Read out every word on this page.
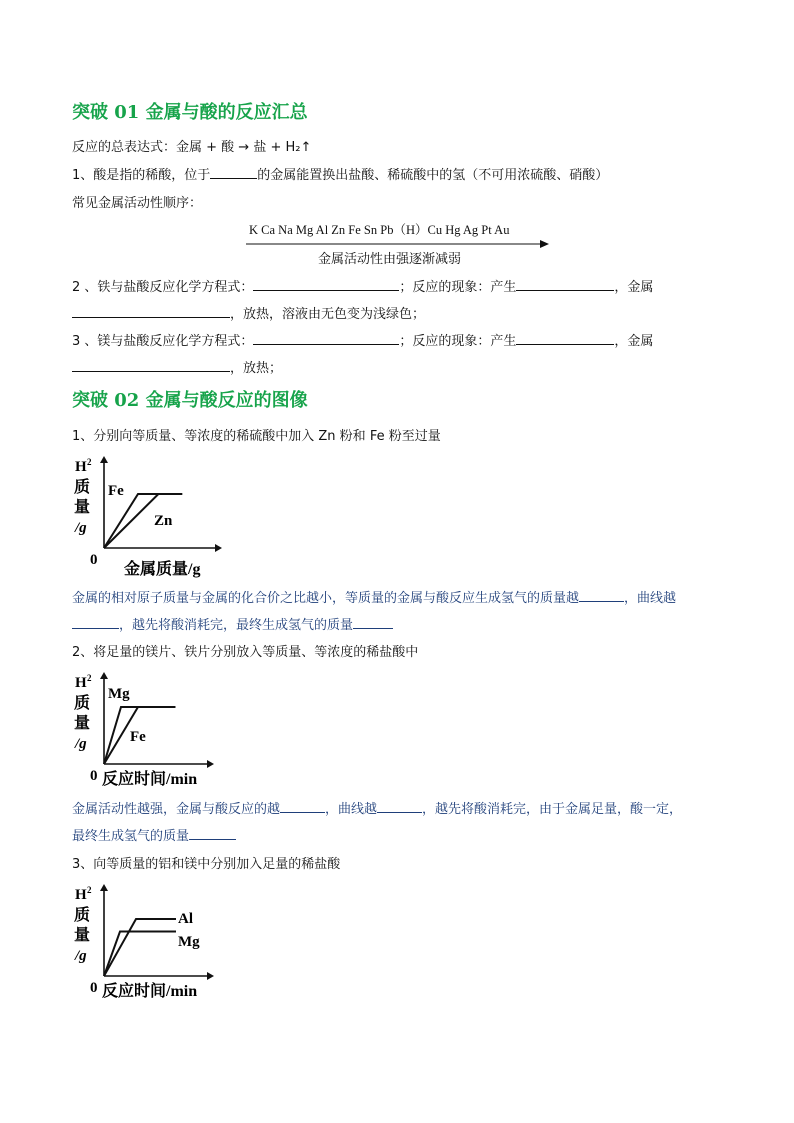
突破 01 金属与酸的反应汇总
反应的总表达式：金属 + 酸 → 盐 + H₂↑
1、酸是指的稀酸，位于	的金属能置换出盐酸、稀硫酸中的氢（不可用浓硫酸、硝酸）
常见金属活动性顺序：
K Ca Na Mg Al Zn Fe Sn Pb（H）Cu Hg Ag Pt Au
金属活动性由强逐渐减弱
2 、铁与盐酸反应化学方程式：	；反应的现象：产生	，金属
，放热，溶液由无色变为浅绿色；
3 、镁与盐酸反应化学方程式：	；反应的现象：产生	，金属
，放热；
突破 02 金属与酸反应的图像
1、分别向等质量、等浓度的稀硫酸中加入 Zn 粉和 Fe 粉至过量
H 2
质
量
/g
0
金属质量/g
Fe
Zn
金属的相对原子质量与金属的化合价之比越小，等质量的金属与酸反应生成氢气的质量越	，曲线越
，越先将酸消耗完，最终生成氢气的质量
2、将足量的镁片、铁片分别放入等质量、等浓度的稀盐酸中
H 2
质
量
/g
0 反应时间/min
Mg
Fe
金属活动性越强，金属与酸反应的越	，曲线越	，越先将酸消耗完，由于金属足量，酸一定，
最终生成氢气的质量
3、向等质量的铝和镁中分别加入足量的稀盐酸
H 2
质
量
/g
0 反应时间/min
Al
Mg
